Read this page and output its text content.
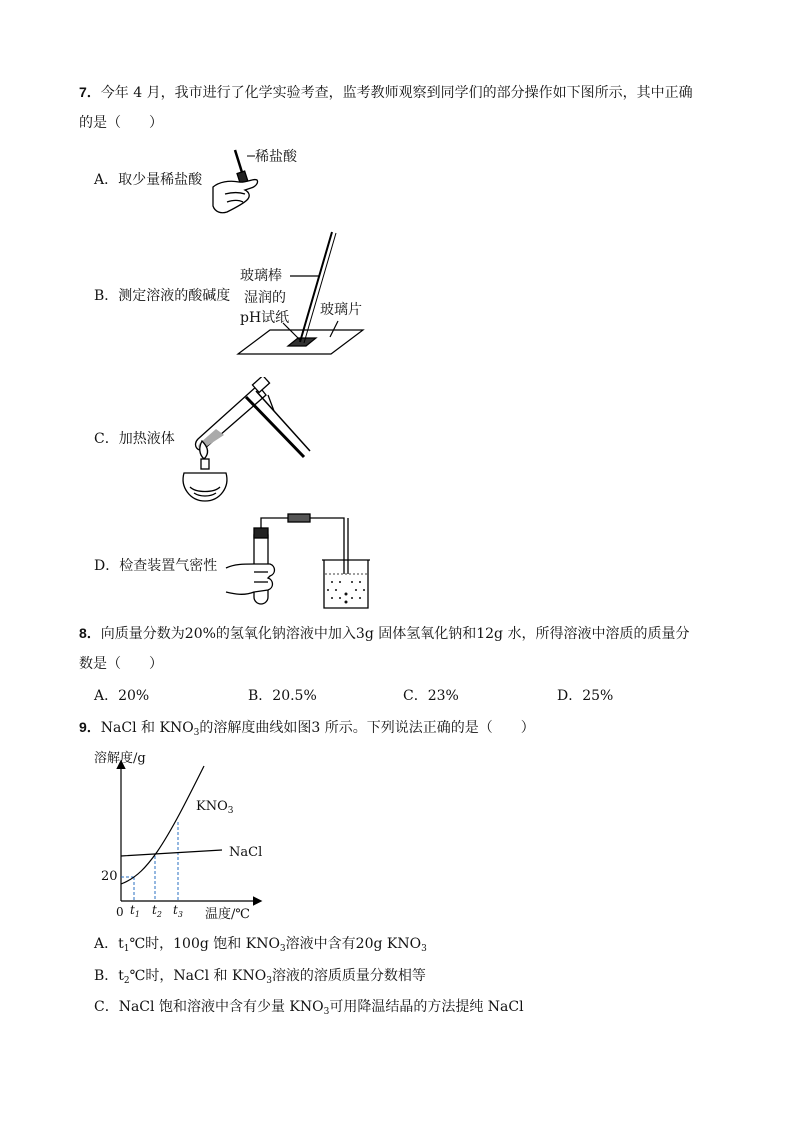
7．今年 4 月，我市进行了化学实验考查，监考教师观察到同学们的部分操作如下图所示，其中正确
的是（　　）
A．取少量稀盐酸
稀盐酸
B．测定溶液的酸碱度
玻璃棒
湿润的
pH试纸 玻璃片
C．加热液体
D．检查装置气密性
8．向质量分数为20%的氢氧化钠溶液中加入3g 固体氢氧化钠和12g 水，所得溶液中溶质的质量分
数是（　　）
A．20%	B．20.5%	C．23%	D．25%
9．NaCl 和 $KNO_3$的溶解度曲线如图3 所示。下列说法正确的是（　　）
溶解度/g
0
20
温度/℃
$t_1$ $t_2$ $t_3$
NaCl
$KNO_3$
A．$t_1℃$时，100g 饱和 $KNO_3$溶液中含有20g $KNO_3$
B．$t_2℃$时，NaCl 和 $KNO_3$溶液的溶质质量分数相等
C．NaCl 饱和溶液中含有少量 $KNO_3$可用降温结晶的方法提纯 NaCl
